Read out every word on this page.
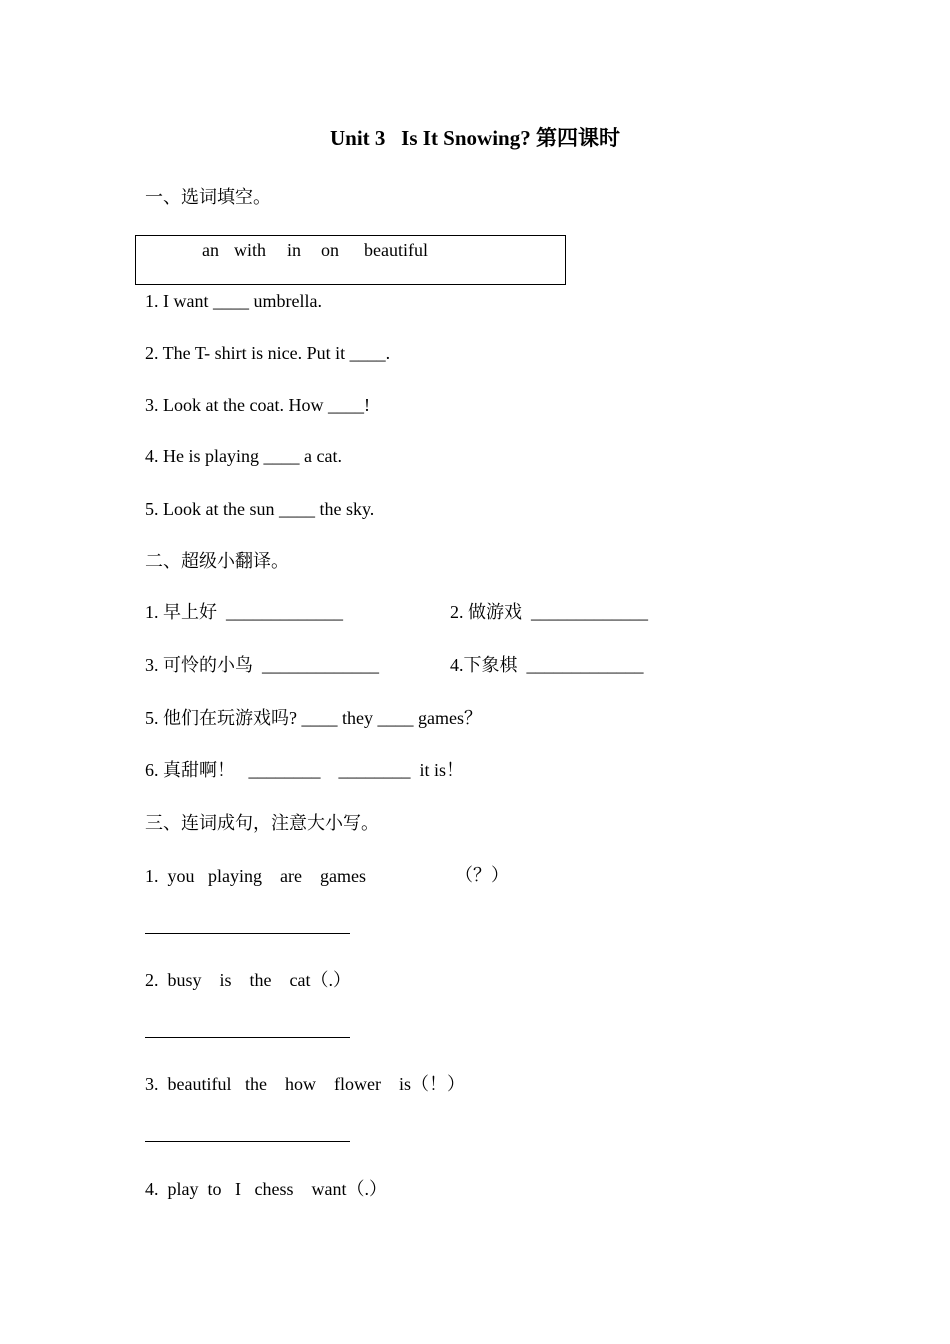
Unit 3   Is It Snowing? 第四课时
一、选词填空。
an with in on beautiful
1. I want ____ umbrella.
2. The T- shirt is nice. Put it ____.
3. Look at the coat. How ____!
4. He is playing ____ a cat.
5. Look at the sun ____ the sky.
二、超级小翻译。
1. 早上好  _____________	2. 做游戏  _____________
3. 可怜的小鸟  _____________	4.下象棋  _____________
5. 他们在玩游戏吗? ____ they ____ games？
6. 真甜啊！   ________    ________  it is！
三、连词成句，注意大小写。
1.  you   playing    are    games	（？）
2.  busy    is    the    cat（.）
3.  beautiful   the    how    flower    is（！）
4.  play  to   I   chess    want（.）
